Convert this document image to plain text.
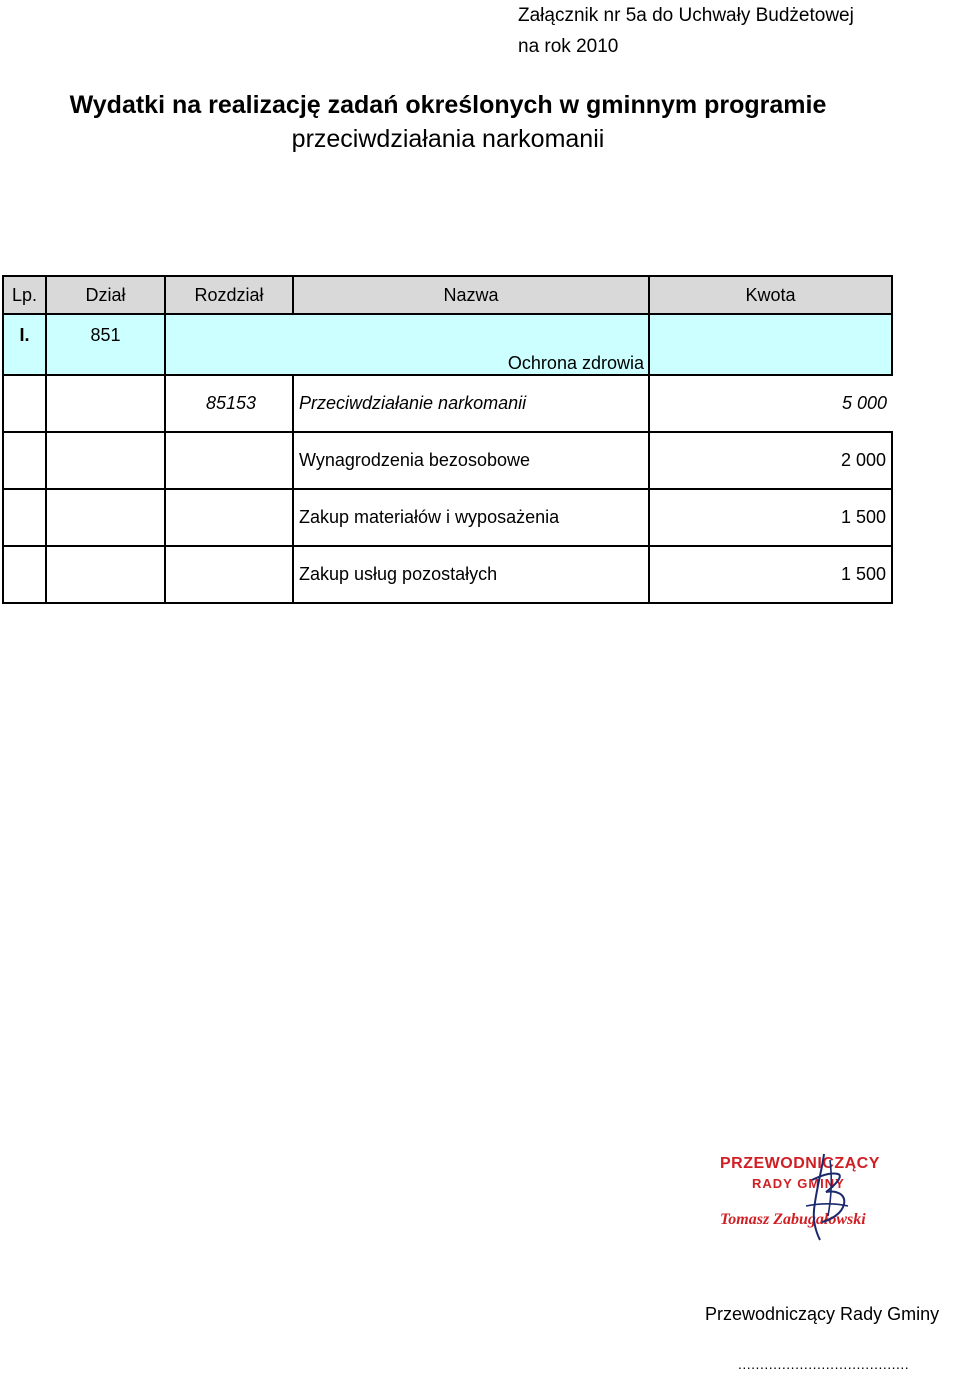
Załącznik nr 5a do Uchwały Budżetowej
na rok 2010
Wydatki na realizację zadań określonych w gminnym programie
przeciwdziałania narkomanii
Lp.	Dział	Rozdział	Nazwa	Kwota
I.	851		Ochrona zdrowia	
		85153	Przeciwdziałanie narkomanii	5 000
			Wynagrodzenia bezosobowe	2 000
			Zakup materiałów i wyposażenia	1 500
			Zakup usług pozostałych	1 500
PRZEWODNICZĄCY
RADY GMINY
Tomasz Zabugałowski
Przewodniczący Rady Gminy
.......................................
